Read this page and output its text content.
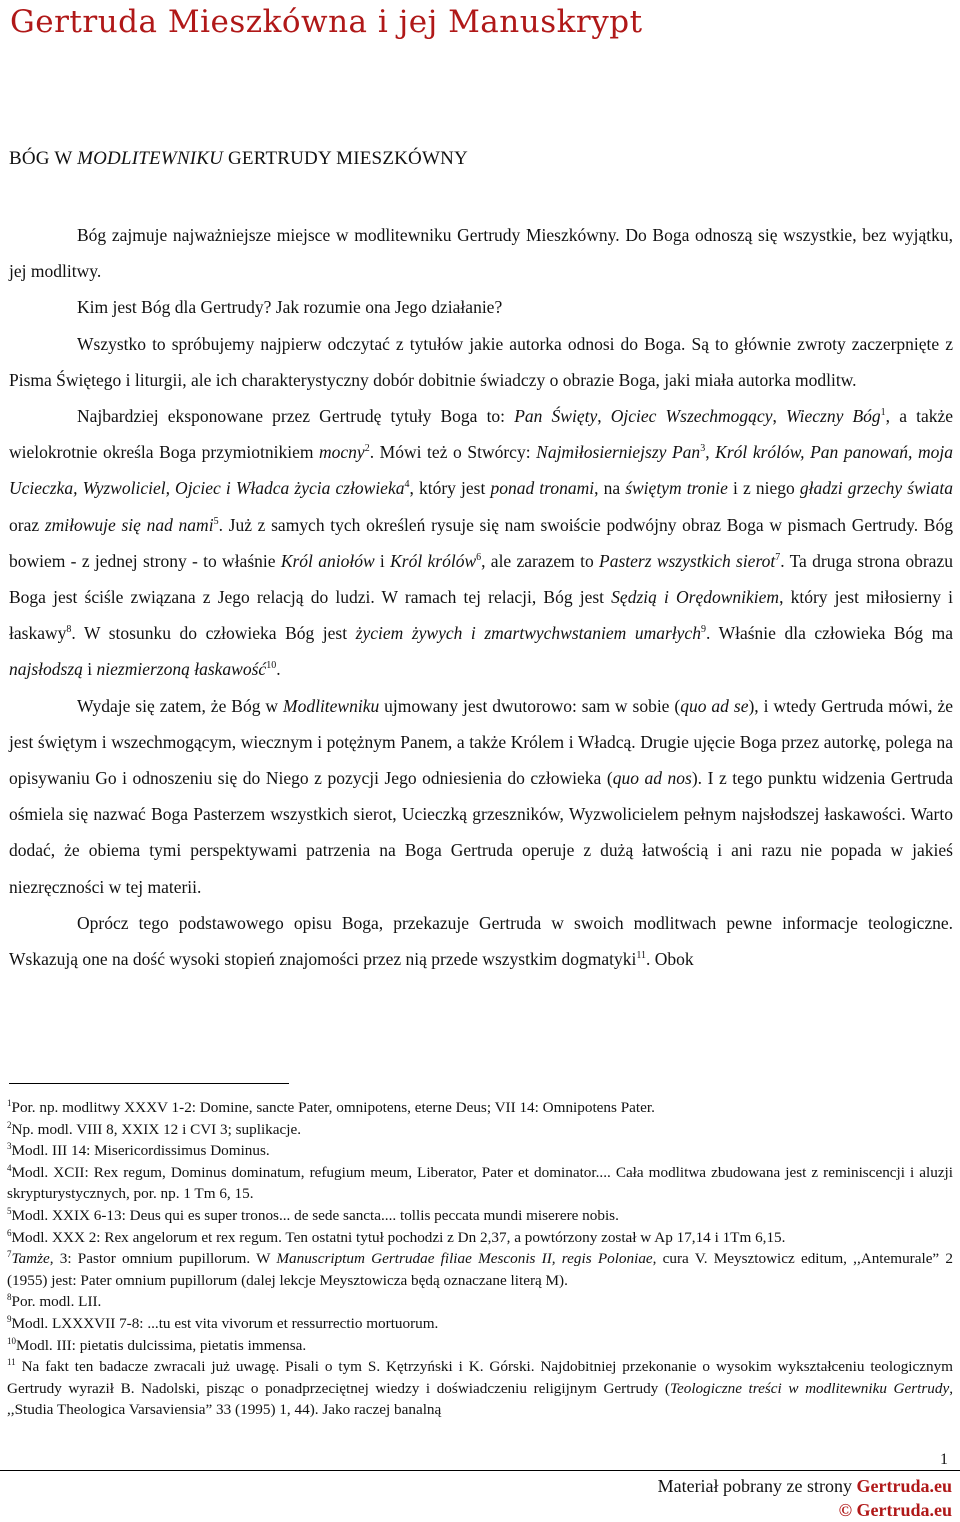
Gertruda Mieszkówna i jej Manuskrypt
BÓG W MODLITEWNIKU GERTRUDY MIESZKÓWNY

Bóg zajmuje najważniejsze miejsce w modlitewniku Gertrudy Mieszkówny. Do Boga odnoszą się wszystkie, bez wyjątku, jej modlitwy.

Kim jest Bóg dla Gertrudy? Jak rozumie ona Jego działanie?

Wszystko to spróbujemy najpierw odczytać z tytułów jakie autorka odnosi do Boga. Są to głównie zwroty zaczerpnięte z Pisma Świętego i liturgii, ale ich charakterystyczny dobór dobitnie świadczy o obrazie Boga, jaki miała autorka modlitw.

Najbardziej eksponowane przez Gertrudę tytuły Boga to: Pan Święty, Ojciec Wszechmogący, Wieczny Bóg$^1$, a także wielokrotnie określa Boga przymiotnikiem mocny$^2$. Mówi też o Stwórcy: Najmiłosierniejszy Pan$^3$, Król królów, Pan panowań, moja Ucieczka, Wyzwoliciel, Ojciec i Władca życia człowieka$^4$, który jest ponad tronami, na świętym tronie i z niego gładzi grzechy świata oraz zmiłowuje się nad nami$^5$. Już z samych tych określeń rysuje się nam swoiście podwójny obraz Boga w pismach Gertrudy. Bóg bowiem - z jednej strony - to właśnie Król aniołów i Król królów$^6$, ale zarazem to Pasterz wszystkich sierot$^7$. Ta druga strona obrazu Boga jest ściśle związana z Jego relacją do ludzi. W ramach tej relacji, Bóg jest Sędzią i Orędownikiem, który jest miłosierny i łaskawy$^8$. W stosunku do człowieka Bóg jest życiem żywych i zmartwychwstaniem umarłych$^9$. Właśnie dla człowieka Bóg ma najsłodszą i niezmierzoną łaskawość$^{10}$.

Wydaje się zatem, że Bóg w Modlitewniku ujmowany jest dwutorowo: sam w sobie (quo ad se), i wtedy Gertruda mówi, że jest świętym i wszechmogącym, wiecznym i potężnym Panem, a także Królem i Władcą. Drugie ujęcie Boga przez autorkę, polega na opisywaniu Go i odnoszeniu się do Niego z pozycji Jego odniesienia do człowieka (quo ad nos). I z tego punktu widzenia Gertruda ośmiela się nazwać Boga Pasterzem wszystkich sierot, Ucieczką grzeszników, Wyzwolicielem pełnym najsłodszej łaskawości. Warto dodać, że obiema tymi perspektywami patrzenia na Boga Gertruda operuje z dużą łatwością i ani razu nie popada w jakieś niezręczności w tej materii.

Oprócz tego podstawowego opisu Boga, przekazuje Gertruda w swoich modlitwach pewne informacje teologiczne. Wskazują one na dość wysoki stopień znajomości przez nią przede wszystkim dogmatyki$^{11}$. Obok

$^1$Por. np. modlitwy XXXV 1-2: Domine, sancte Pater, omnipotens, eterne Deus; VII 14: Omnipotens Pater.

$^2$Np. modl. VIII 8, XXIX 12 i CVI 3; suplikacje.

$^3$Modl. III 14: Misericordissimus Dominus.

$^4$Modl. XCII: Rex regum, Dominus dominatum, refugium meum, Liberator, Pater et dominator.... Cała modlitwa zbudowana jest z reminiscencji i aluzji skrypturystycznych, por. np. 1 Tm 6, 15.

$^5$Modl. XXIX 6-13: Deus qui es super tronos... de sede sancta.... tollis peccata mundi miserere nobis.

$^6$Modl. XXX 2: Rex angelorum et rex regum. Ten ostatni tytuł pochodzi z Dn 2,37, a powtórzony został w Ap 17,14 i 1Tm 6,15.

$^7$Tamże, 3: Pastor omnium pupillorum. W Manuscriptum Gertrudae filiae Mesconis II, regis Poloniae, cura V. Meysztowicz editum, ,,Antemurale” 2 (1955) jest: Pater omnium pupillorum (dalej lekcje Meysztowicza będą oznaczane literą M).

$^8$Por. modl. LII.

$^9$Modl. LXXXVII 7-8: ...tu est vita vivorum et ressurrectio mortuorum.

$^{10}$Modl. III: pietatis dulcissima, pietatis immensa.

$^{11}$ Na fakt ten badacze zwracali już uwagę. Pisali o tym S. Kętrzyński i K. Górski. Najdobitniej przekonanie o wysokim wykształceniu teologicznym Gertrudy wyraził B. Nadolski, pisząc o ponadprzeciętnej wiedzy i doświadczeniu religijnym Gertrudy (Teologiczne treści w modlitewniku Gertrudy, ,,Studia Theologica Varsaviensia” 33 (1995) 1, 44). Jako raczej banalną

1
Materiał pobrany ze strony Gertruda.eu
© Gertruda.eu
